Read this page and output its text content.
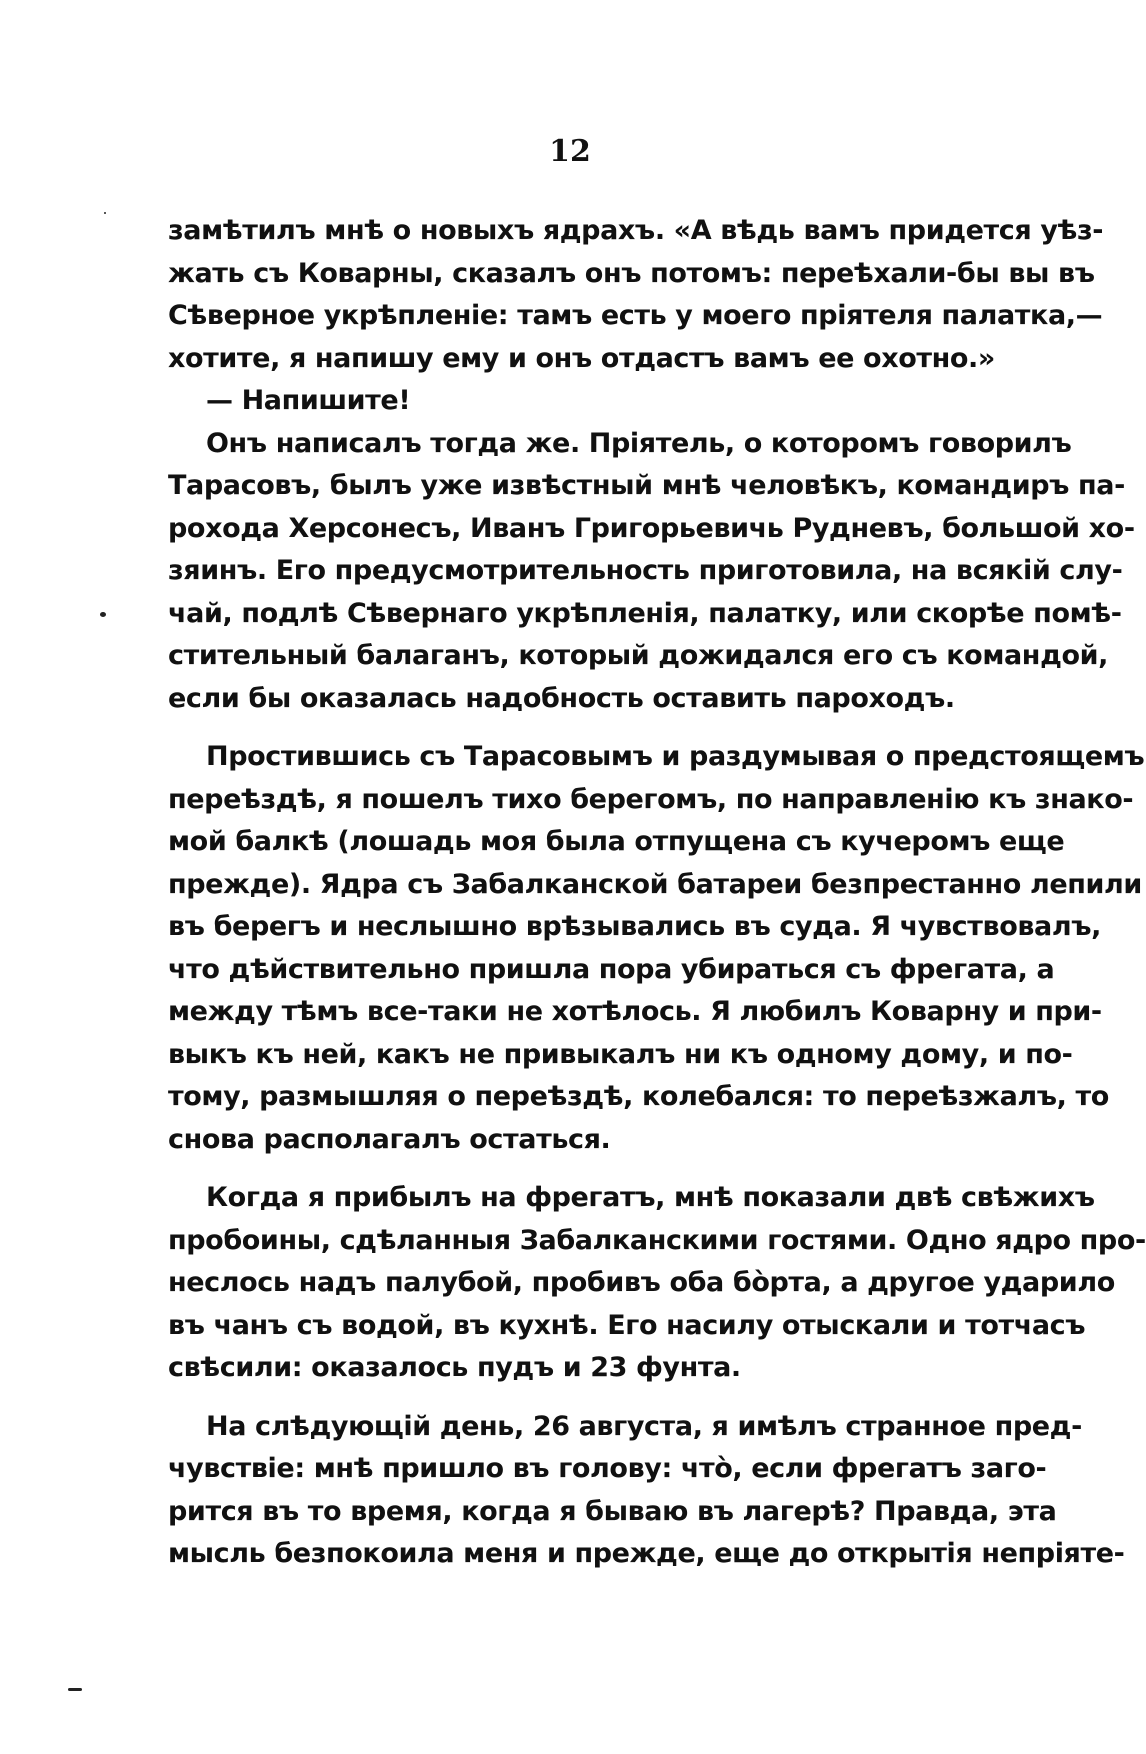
12
замѣтилъ мнѣ о новыхъ ядрахъ. «А вѣдь вамъ придется уѣз-
жать съ Коварны, сказалъ онъ потомъ: переѣхали-бы вы въ
Сѣверное укрѣпленіе: тамъ есть у моего пріятеля палатка,—
хотите, я напишу ему и онъ отдастъ вамъ ее охотно.»
— Напишите!
Онъ написалъ тогда же. Пріятель, о которомъ говорилъ
Тарасовъ, былъ уже извѣстный мнѣ человѣкъ, командиръ па-
рохода Херсонесъ, Иванъ Григорьевичь Рудневъ, большой хо-
зяинъ. Его предусмотрительность приготовила, на всякій слу-
чай, подлѣ Сѣвернаго укрѣпленія, палатку, или скорѣе помѣ-
стительный балаганъ, который дожидался его съ командой,
если бы оказалась надобность оставить пароходъ.
Простившись съ Тарасовымъ и раздумывая о предстоящемъ
переѣздѣ, я пошелъ тихо берегомъ, по направленію къ знако-
мой балкѣ (лошадь моя была отпущена съ кучеромъ еще
прежде). Ядра съ Забалканской батареи безпрестанно лепили
въ берегъ и неслышно врѣзывались въ суда. Я чувствовалъ,
что дѣйствительно пришла пора убираться съ фрегата, а
между тѣмъ все-таки не хотѣлось. Я любилъ Коварну и при-
выкъ къ ней, какъ не привыкалъ ни къ одному дому, и по-
тому, размышляя о переѣздѣ, колебался: то переѣзжалъ, то
снова располагалъ остаться.
Когда я прибылъ на фрегатъ, мнѣ показали двѣ свѣжихъ
пробоины, сдѣланныя Забалканскими гостями. Одно ядро про-
неслось надъ палубой, пробивъ оба бо̀рта, а другое ударило
въ чанъ съ водой, въ кухнѣ. Его насилу отыскали и тотчасъ
свѣсили: оказалось пудъ и 23 фунта.
На слѣдующій день, 26 августа, я имѣлъ странное пред-
чувствіе: мнѣ пришло въ голову: что̀, если фрегатъ заго-
рится въ то время, когда я бываю въ лагерѣ? Правда, эта
мысль безпокоила меня и прежде, еще до открытія непріяте-
